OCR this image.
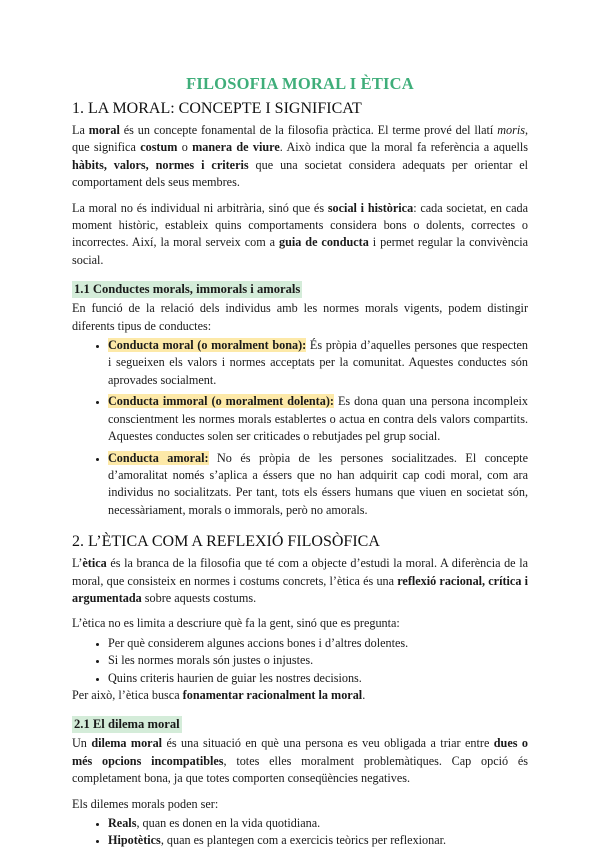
FILOSOFIA MORAL I ÈTICA
1. LA MORAL: CONCEPTE I SIGNIFICAT

La moral és un concepte fonamental de la filosofia pràctica. El terme prové del llatí moris, que significa costum o manera de viure. Això indica que la moral fa referència a aquells hàbits, valors, normes i criteris que una societat considera adequats per orientar el comportament dels seus membres.

La moral no és individual ni arbitrària, sinó que és social i històrica: cada societat, en cada moment històric, estableix quins comportaments considera bons o dolents, correctes o incorrectes. Així, la moral serveix com a guia de conducta i permet regular la convivència social.

1.1 Conductes morals, immorals i amorals

En funció de la relació dels individus amb les normes morals vigents, podem distingir diferents tipus de conductes:

• Conducta moral (o moralment bona): És pròpia d’aquelles persones que respecten i segueixen els valors i normes acceptats per la comunitat. Aquestes conductes són aprovades socialment.
• Conducta immoral (o moralment dolenta): Es dona quan una persona incompleix conscientment les normes morals establertes o actua en contra dels valors compartits. Aquestes conductes solen ser criticades o rebutjades pel grup social.
• Conducta amoral: No és pròpia de les persones socialitzades. El concepte d’amoralitat només s’aplica a éssers que no han adquirit cap codi moral, com ara individus no socialitzats. Per tant, tots els éssers humans que viuen en societat són, necessàriament, morals o immorals, però no amorals.
2. L’ÈTICA COM A REFLEXIÓ FILOSÒFICA

L’ètica és la branca de la filosofia que té com a objecte d’estudi la moral. A diferència de la moral, que consisteix en normes i costums concrets, l’ètica és una reflexió racional, crítica i argumentada sobre aquests costums.

L’ètica no es limita a descriure què fa la gent, sinó que es pregunta:

• Per què considerem algunes accions bones i d’altres dolentes.
• Si les normes morals són justes o injustes.
• Quins criteris haurien de guiar les nostres decisions.

Per això, l’ètica busca fonamentar racionalment la moral.

2.1 El dilema moral

Un dilema moral és una situació en què una persona es veu obligada a triar entre dues o més opcions incompatibles, totes elles moralment problemàtiques. Cap opció és completament bona, ja que totes comporten conseqüències negatives.

Els dilemes morals poden ser:

• Reals, quan es donen en la vida quotidiana.
• Hipotètics, quan es plantegen com a exercicis teòrics per reflexionar.
